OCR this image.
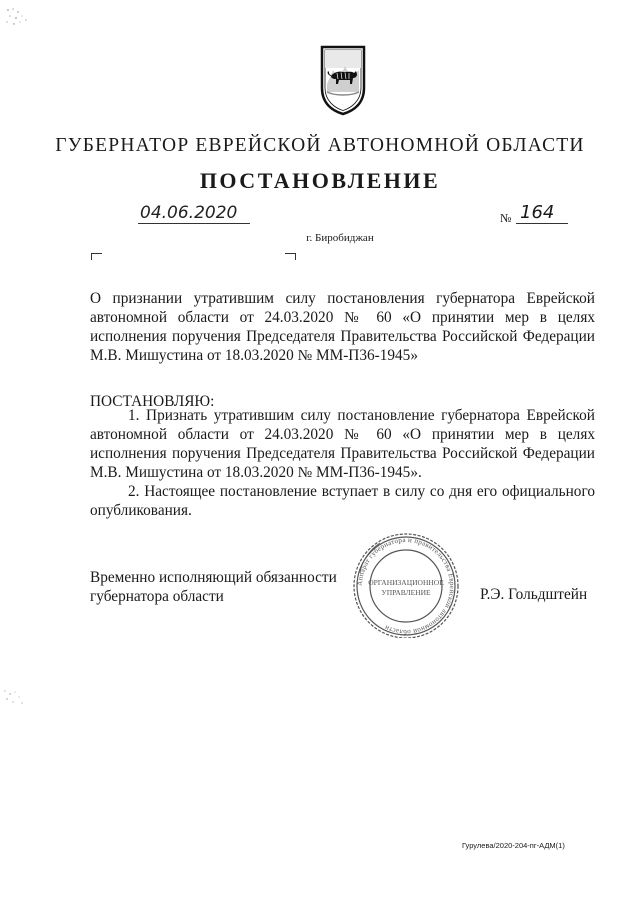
ГУБЕРНАТОР ЕВРЕЙСКОЙ АВТОНОМНОЙ ОБЛАСТИ
ПОСТАНОВЛЕНИЕ
04.06.2020	№ 164
г. Биробиджан
О признании утратившим силу постановления губернатора Еврейской автономной области от 24.03.2020 № 60 «О принятии мер в целях исполнения поручения Председателя Правительства Российской Федерации М.В. Мишустина от 18.03.2020 № ММ-П36-1945»
ПОСТАНОВЛЯЮ:

1. Признать утратившим силу постановление губернатора Еврейской автономной области от 24.03.2020 № 60 «О принятии мер в целях исполнения поручения Председателя Правительства Российской Федерации М.В. Мишустина от 18.03.2020 № ММ-П36-1945».

2. Настоящее постановление вступает в силу со дня его официального опубликования.

Временно исполняющий обязанности
губернатора области
Аппарат губернатора и правительства Еврейской автономной области
ОРГАНИЗАЦИОННОЕ
УПРАВЛЕНИЕ	Р.Э. Гольдштейн
Гурулева/2020-204-пг-АДМ(1)
